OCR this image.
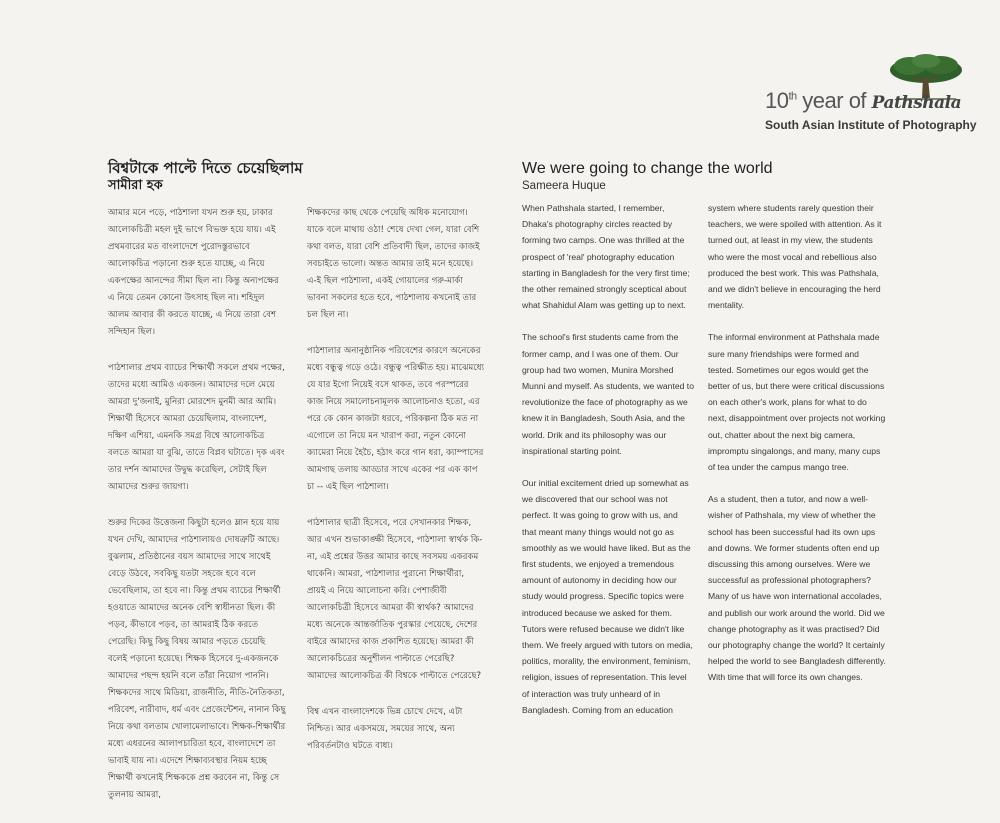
10th year of Pathshala
South Asian Institute of Photography
বিশ্বটাকে পাল্টে দিতে চেয়েছিলাম
সামীরা হক

আমার মনে পড়ে, পাঠশালা যখন শুরু হয়, ঢাকার আলোকচিত্রী মহল দুই ভাগে বিভক্ত হয়ে যায়। এই প্রথমবারের মত বাংলাদেশে পুরোদস্তুরভাবে আলোকচিত্র পড়ানো শুরু হতে যাচ্ছে, এ নিয়ে একপক্ষের আনন্দের সীমা ছিল না। কিন্তু অন্যপক্ষের এ নিয়ে তেমন কোনো উৎসাহ ছিল না। শহিদুল আলম আবার কী করতে যাচ্ছে, এ নিয়ে তারা বেশ সন্দিহান ছিল।

পাঠশালার প্রথম ব্যাচের শিক্ষার্থী সকলে প্রথম পক্ষের, তাদের মধ্যে আমিও একজন। আমাদের দলে মেয়ে আমরা দু'জনাই, মুনিরা মোরশেদ মুনমী আর আমি। শিক্ষার্থী হিসেবে আমরা চেয়েছিলাম, বাংলাদেশ, দক্ষিণ এশিয়া, এমনকি সমগ্র বিশ্বে আলোকচিত্র বলতে আমরা যা বুঝি, তাতে বিপ্লব ঘটাতে। দৃক এবং তার দর্শন আমাদের উদ্বুদ্ধ করেছিল, সেটাই ছিল আমাদের শুরুর জায়গা।

শুরুর দিকের উত্তেজনা কিছুটা হলেও ম্লান হয়ে যায় যখন দেখি, আমাদের পাঠশালায়ও দোষত্রুটি আছে। বুঝলাম, প্রতিষ্ঠানের বয়স আমাদের সাথে সাথেই বেড়ে উঠবে, সবকিছু যতটা সহজে হবে বলে ভেবেছিলাম, তা হবে না। কিন্তু প্রথম ব্যাচের শিক্ষার্থী হওয়াতে আমাদের অনেক বেশি স্বাধীনতা ছিল। কী পড়ব, কীভাবে পড়ব, তা আমরাই ঠিক করতে পেরেছি। কিছু কিছু বিষয় আমার পড়তে চেয়েছি বলেই পড়ানো হয়েছে। শিক্ষক হিসেবে দু-একজনকে আমাদের পছন্দ হয়নি বলে তাঁরা নিয়োগ পাননি। শিক্ষকদের সাথে মিডিয়া, রাজনীতি, নীতি-নৈতিকতা, পরিবেশ, নারীবাদ, ধর্ম এবং প্রেজেন্টেশন, নানান কিছু নিয়ে কথা বলতাম খোলামেলাভাবে। শিক্ষক-শিক্ষার্থীর মধ্যে এধরনের আলাপচারিতা হবে, বাংলাদেশে তা ভাবাই যায় না। এদেশে শিক্ষাব্যবস্থার নিয়ম হচ্ছে শিক্ষার্থী কখনোই শিক্ষককে প্রশ্ন করবেন না, কিন্তু সে তুলনায় আমরা,

শিক্ষকদের কাছ থেকে পেয়েছি অধিক মনোযোগ। যাকে বলে মাথায় ওঠা! শেষে দেখা গেল, যারা বেশি কথা বলত, যারা বেশি প্রতিবাদী ছিল, তাদের কাজই সবচাইতে ভালো। অন্তত আমার তাই মনে হয়েছে। এ-ই ছিল পাঠশালা, একই গোয়ালের গরু-মার্কা ভাবনা সকলের হতে হবে, পাঠশালায় কখনোই তার চল ছিল না।

পাঠশালার অনানুষ্ঠানিক পরিবেশের কারণে অনেকের মধ্যে বন্ধুত্ব গড়ে ওঠে। বন্ধুত্ব পরিক্ষীত হয়। মাঝেমধ্যে যে যার ইগো নিয়েই বসে থাকত, তবে পরস্পরের কাজ নিয়ে সমালোচনামূলক আলোচনাও হতো, এর পরে কে কোন কাজটা ধরবে, পরিকল্পনা ঠিক মত না এগোলে তা নিয়ে মন খারাপ করা, নতুন কোনো ক্যামেরা নিয়ে হৈচৈ, হঠাৎ করে গান ধরা, ক্যাম্পাসের আমগাছ তলায় আড্ডার সাথে একের পর এক কাপ চা -- এই ছিল পাঠশালা।

পাঠশালার ছাত্রী হিসেবে, পরে সেখানকার শিক্ষক, আর এখন শুভাকাঙ্ক্ষী হিসেবে, পাঠশালা স্বার্থক কি-না, এই প্রশ্নের উত্তর আমার কাছে সবসময় একরকম থাকেনি। আমরা, পাঠশালার পুরানো শিক্ষার্থীরা, প্রায়ই এ নিয়ে আলোচনা করি। পেশাজীবী আলোকচিত্রী হিসেবে আমরা কী স্বার্থক? আমাদের মধ্যে অনেকে আন্তর্জাতিক পুরস্কার পেয়েছে, দেশের বাইরে আমাদের কাজ প্রকাশিত হয়েছে। আমরা কী আলোকচিত্রের অনুশীলন পাল্টাতে পেরেছি? আমাদের আলোকচিত্র কী বিশ্বকে পাল্টাতে পেরেছে?

বিশ্ব এখন বাংলাদেশকে ভিন্ন চোখে দেখে, এটা নিশ্চিত। আর একসময়ে, সময়ের সাথে, অন্য পরিবর্তনটাও ঘটতে বাধ্য।

We were going to change the world
Sameera Huque

When Pathshala started, I remember, Dhaka's photography circles reacted by forming two camps. One was thrilled at the prospect of 'real' photography education starting in Bangladesh for the very first time; the other remained strongly sceptical about what Shahidul Alam was getting up to next.

The school's first students came from the former camp, and I was one of them. Our group had two women, Munira Morshed Munni and myself. As students, we wanted to revolutionize the face of photography as we knew it in Bangladesh, South Asia, and the world. Drik and its philosophy was our inspirational starting point.

Our initial excitement dried up somewhat as we discovered that our school was not perfect. It was going to grow with us, and that meant many things would not go as smoothly as we would have liked. But as the first students, we enjoyed a tremendous amount of autonomy in deciding how our study would progress. Specific topics were introduced because we asked for them. Tutors were refused because we didn't like them. We freely argued with tutors on media, politics, morality, the environment, feminism, religion, issues of representation. This level of interaction was truly unheard of in Bangladesh. Coming from an education

system where students rarely question their teachers, we were spoiled with attention. As it turned out, at least in my view, the students who were the most vocal and rebellious also produced the best work. This was Pathshala, and we didn't believe in encouraging the herd mentality.

The informal environment at Pathshala made sure many friendships were formed and tested. Sometimes our egos would get the better of us, but there were critical discussions on each other's work, plans for what to do next, disappointment over projects not working out, chatter about the next big camera, impromptu singalongs, and many, many cups of tea under the campus mango tree.

As a student, then a tutor, and now a well-wisher of Pathshala, my view of whether the school has been successful had its own ups and downs. We former students often end up discussing this among ourselves. Were we successful as professional photographers? Many of us have won international accolades, and publish our work around the world. Did we change photography as it was practised? Did our photography change the world? It certainly helped the world to see Bangladesh differently. With time that will force its own changes.
